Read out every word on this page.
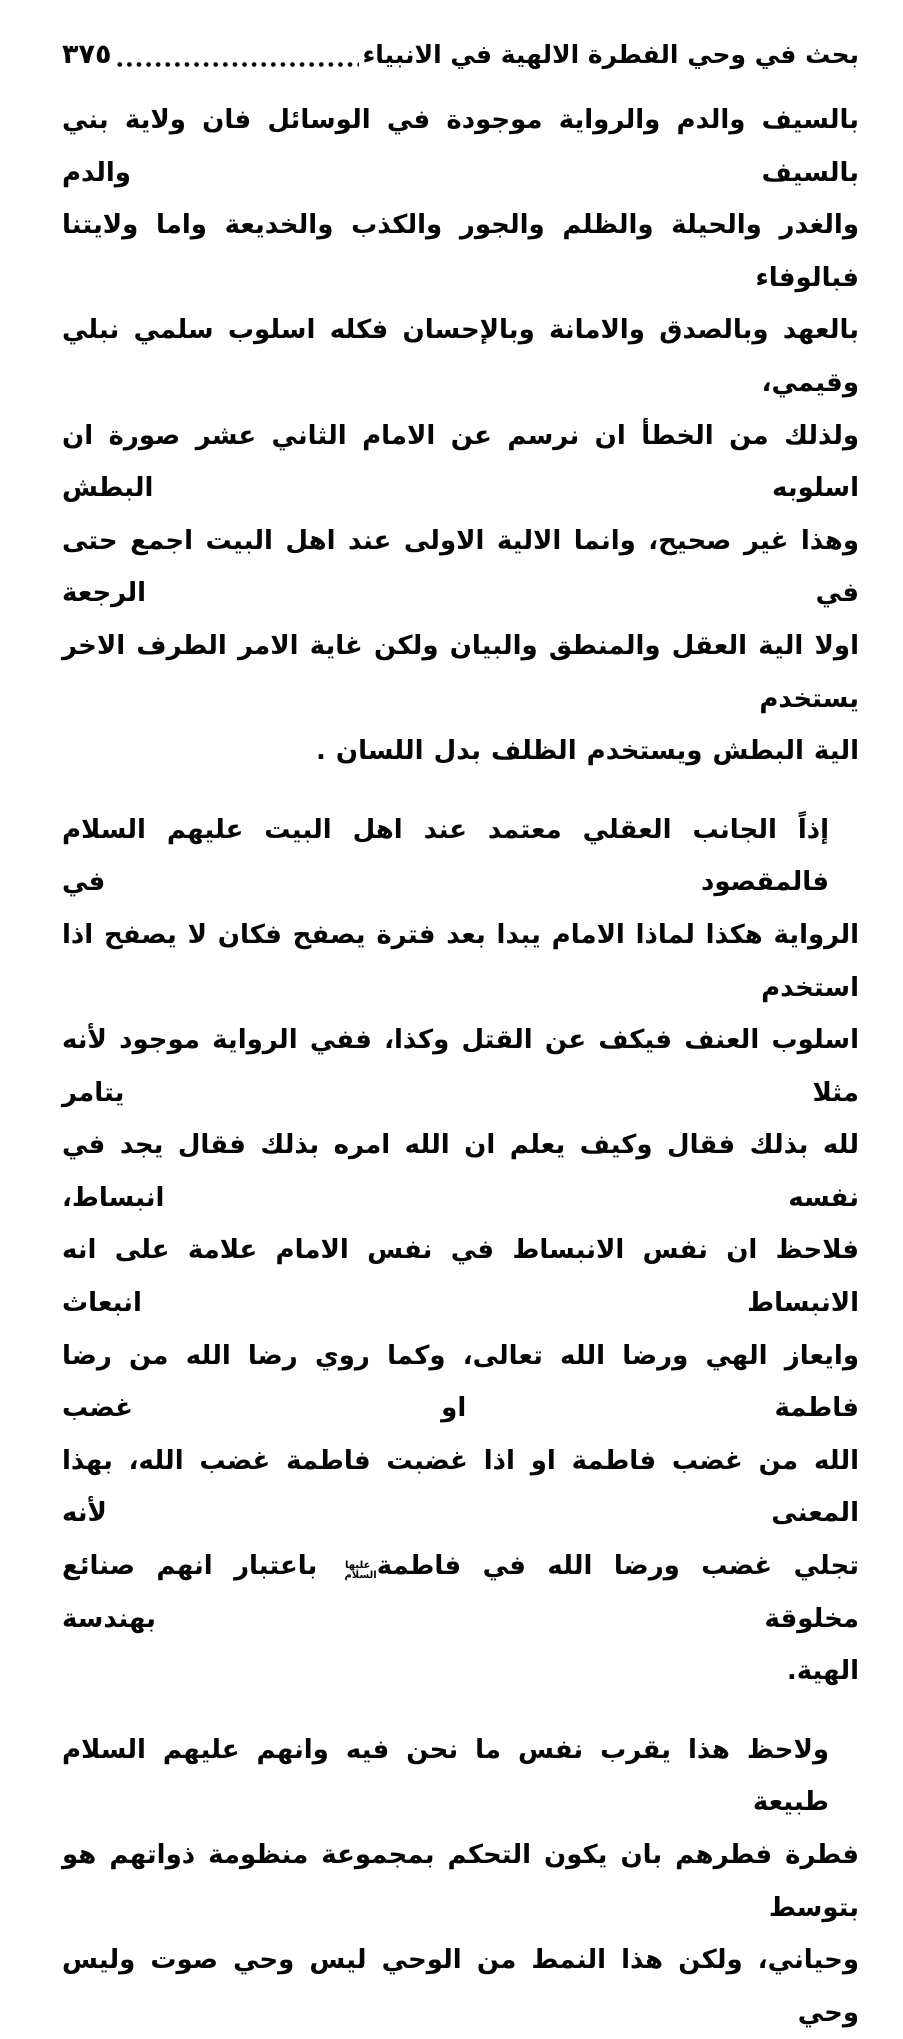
بحث في وحي الفطرة الالهية في الانبياء
٣٧٥
بالسيف والدم والرواية موجودة في الوسائل فان ولاية بني بالسيف والدم
والغدر والحيلة والظلم والجور والكذب والخديعة واما ولايتنا فبالوفاء
بالعهد وبالصدق والامانة وبالإحسان فكله اسلوب سلمي نبلي وقيمي،
ولذلك من الخطأ ان نرسم عن الامام الثاني عشر صورة ان اسلوبه البطش
وهذا غير صحيح، وانما الالية الاولى عند اهل البيت اجمع حتى في الرجعة
اولا الية العقل والمنطق والبيان ولكن غاية الامر الطرف الاخر يستخدم
الية البطش ويستخدم الظلف بدل اللسان .
إذاً الجانب العقلي معتمد عند اهل البيت عليهم السلام فالمقصود في
الرواية هكذا لماذا الامام يبدا بعد فترة يصفح فكان لا يصفح اذا استخدم
اسلوب العنف فيكف عن القتل وكذا، ففي الرواية موجود لأنه مثلا يتامر
لله بذلك فقال وكيف يعلم ان الله امره بذلك فقال يجد في نفسه انبساط،
فلاحظ ان نفس الانبساط في نفس الامام علامة على انه الانبساط انبعاث
وايعاز الهي ورضا الله تعالى، وكما روي رضا الله من رضا فاطمة او غضب
الله من غضب فاطمة او اذا غضبت فاطمة غضب الله، بهذا المعنى لأنه
تجلي غضب ورضا الله في فاطمةعليها السلام باعتبار انهم صنائع مخلوقة بهندسة
الهية.
ولاحظ هذا يقرب نفس ما نحن فيه وانهم عليهم السلام طبيعة
فطرة فطرهم بان يكون التحكم بمجموعة منظومة ذواتهم هو بتوسط
وحياني، ولكن هذا النمط من الوحي ليس وحي صوت وليس وحي
